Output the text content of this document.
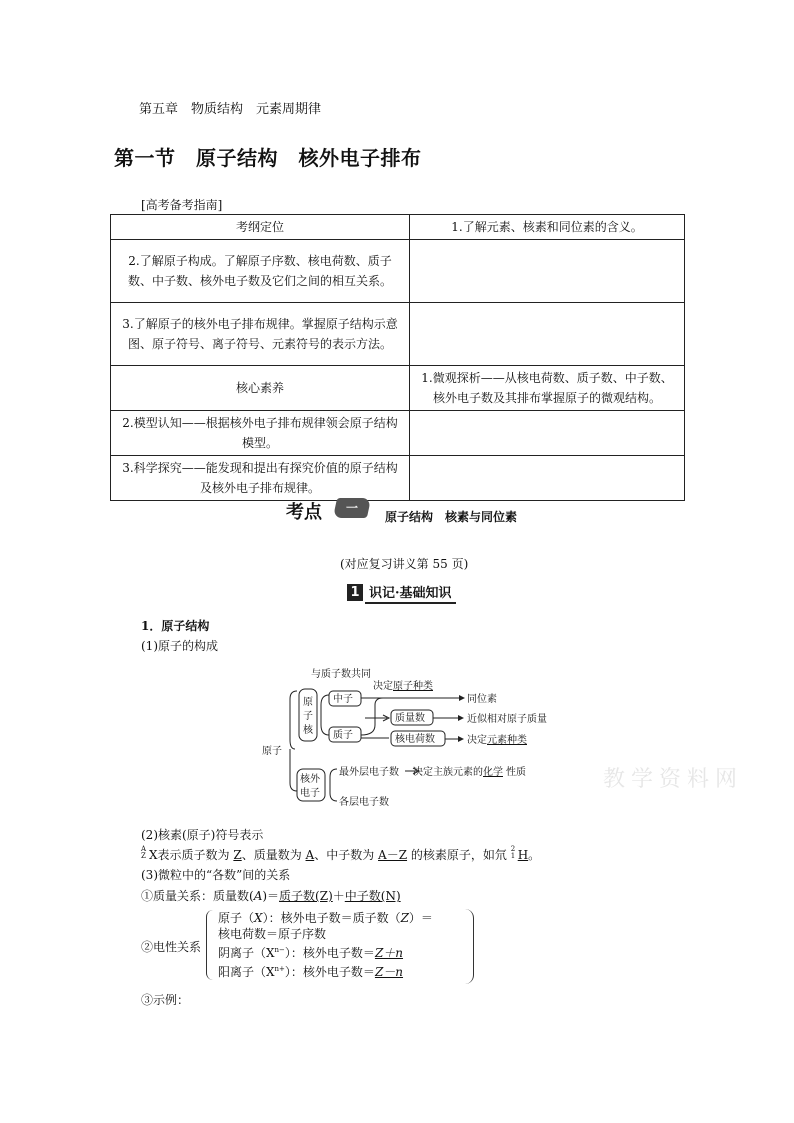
第五章　物质结构　元素周期律
第一节　原子结构　核外电子排布
[高考备考指南]
考纲定位	1.了解元素、核素和同位素的含义。
2.了解原子构成。了解原子序数、核电荷数、质子数、中子数、核外电子数及它们之间的相互关系。	
3.了解原子的核外电子排布规律。掌握原子结构示意图、原子符号、离子符号、元素符号的表示方法。	
核心素养	1.微观探析——从核电荷数、质子数、中子数、核外电子数及其排布掌握原子的微观结构。
2.模型认知——根据核外电子排布规律领会原子结构模型。	
3.科学探究——能发现和提出有探究价值的原子结构及核外电子排布规律。	
考点	一
原子结构　核素与同位素
(对应复习讲义第 55 页)
1 识记·基础知识
1．原子结构
(1)原子的构成
与质子数共同
决定原子种类
原子
原
子
核
中子
质子
同位素
质量数	近似相对原子质量
核电荷数	决定元素种类
核外
电子
最外层电子数 决定主族元素的化学 性质
各层电子数
教学资料网
(2)核素(原子)符号表示
A
Z X表示质子数为 Z、质量数为 A、中子数为 A－Z 的核素原子，如氘 2
1 H。
(3)微粒中的“各数”间的关系
①质量关系：质量数(A)＝质子数(Z)＋中子数(N)
②电性关系
原子（X）：核外电子数＝质子数（Z）＝
核电荷数＝原子序数
阴离子$(X^{n-})$：核外电子数＝Z＋n
阳离子$(X^{n+})$：核外电子数＝Z－n
③示例：
